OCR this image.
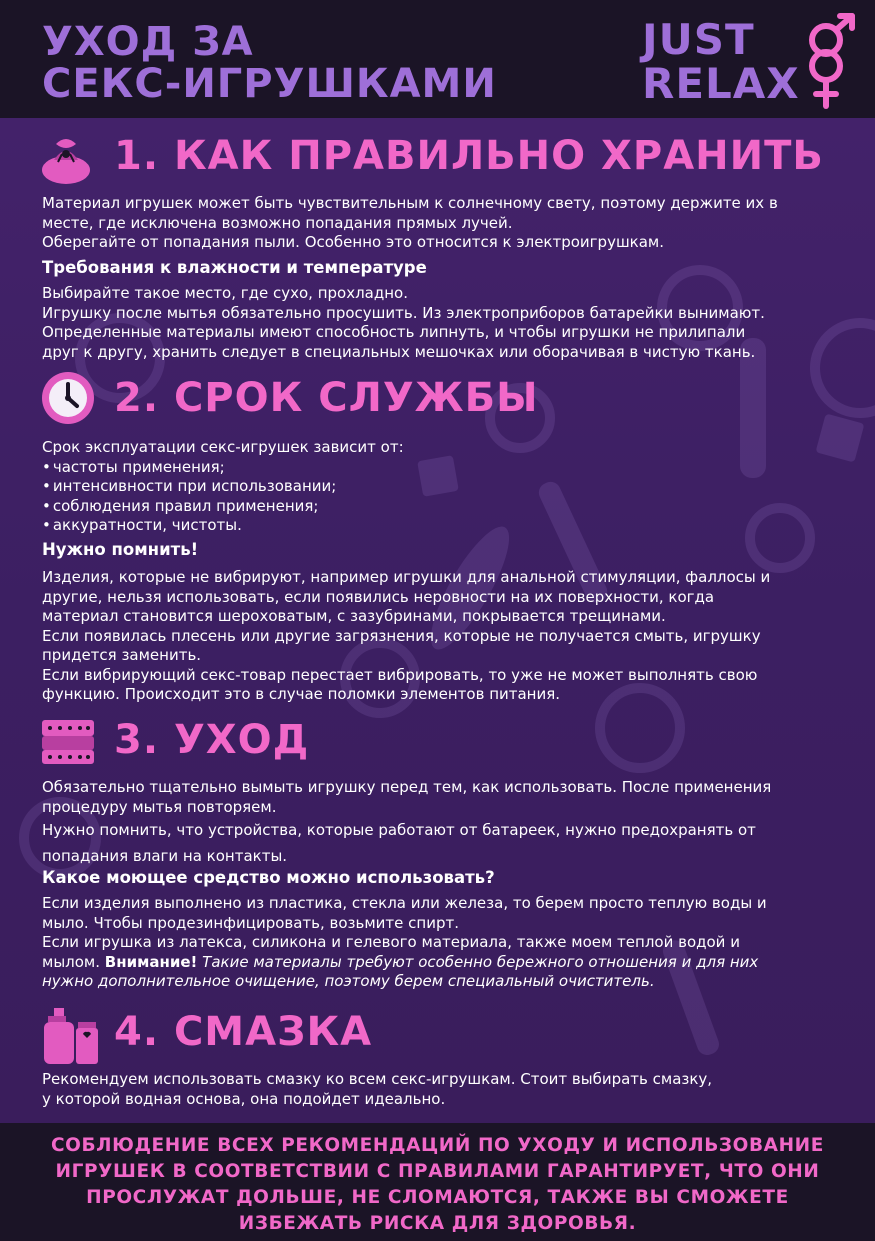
УХОД ЗА
СЕКС-ИГРУШКАМИ
JUST
RELAX
1. КАК ПРАВИЛЬНО ХРАНИТЬ
Материал игрушек может быть чувствительным к солнечному свету, поэтому держите их в
месте, где исключена возможно попадания прямых лучей.
Оберегайте от попадания пыли. Особенно это относится к электроигрушкам.
Требования к влажности и температуре
Выбирайте такое место, где сухо, прохладно.
Игрушку после мытья обязательно просушить. Из электроприборов батарейки вынимают.
Определенные материалы имеют способность липнуть, и чтобы игрушки не прилипали
друг к другу, хранить следует в специальных мешочках или оборачивая в чистую ткань.
2. СРОК СЛУЖБЫ
Срок эксплуатации секс-игрушек зависит от:
• частоты применения;
• интенсивности при использовании;
• соблюдения правил применения;
• аккуратности, чистоты.
Нужно помнить!
Изделия, которые не вибрируют, например игрушки для анальной стимуляции, фаллосы и
другие, нельзя использовать, если появились неровности на их поверхности, когда
материал становится шероховатым, с зазубринами, покрывается трещинами.
Если появилась плесень или другие загрязнения, которые не получается смыть, игрушку
придется заменить.
Если вибрирующий секс-товар перестает вибрировать, то уже не может выполнять свою
функцию. Происходит это в случае поломки элементов питания.
3. УХОД
Обязательно тщательно вымыть игрушку перед тем, как использовать. После применения
процедуру мытья повторяем.
Нужно помнить, что устройства, которые работают от батареек, нужно предохранять от
попадания влаги на контакты.
Какое моющее средство можно использовать?
Если изделия выполнено из пластика, стекла или железа, то берем просто теплую воды и
мыло. Чтобы продезинфицировать, возьмите спирт.
Если игрушка из латекса, силикона и гелевого материала, также моем теплой водой и
мылом. Внимание! Такие материалы требуют особенно бережного отношения и для них
нужно дополнительное очищение, поэтому берем специальный очиститель.
4. СМАЗКА
Рекомендуем использовать смазку ко всем секс-игрушкам. Стоит выбирать смазку,
у которой водная основа, она подойдет идеально.
СОБЛЮДЕНИЕ ВСЕХ РЕКОМЕНДАЦИЙ ПО УХОДУ И ИСПОЛЬЗОВАНИЕ
ИГРУШЕК В СООТВЕТСТВИИ С ПРАВИЛАМИ ГАРАНТИРУЕТ, ЧТО ОНИ
ПРОСЛУЖАТ ДОЛЬШЕ, НЕ СЛОМАЮТСЯ, ТАКЖЕ ВЫ СМОЖЕТЕ
ИЗБЕЖАТЬ РИСКА ДЛЯ ЗДОРОВЬЯ.
